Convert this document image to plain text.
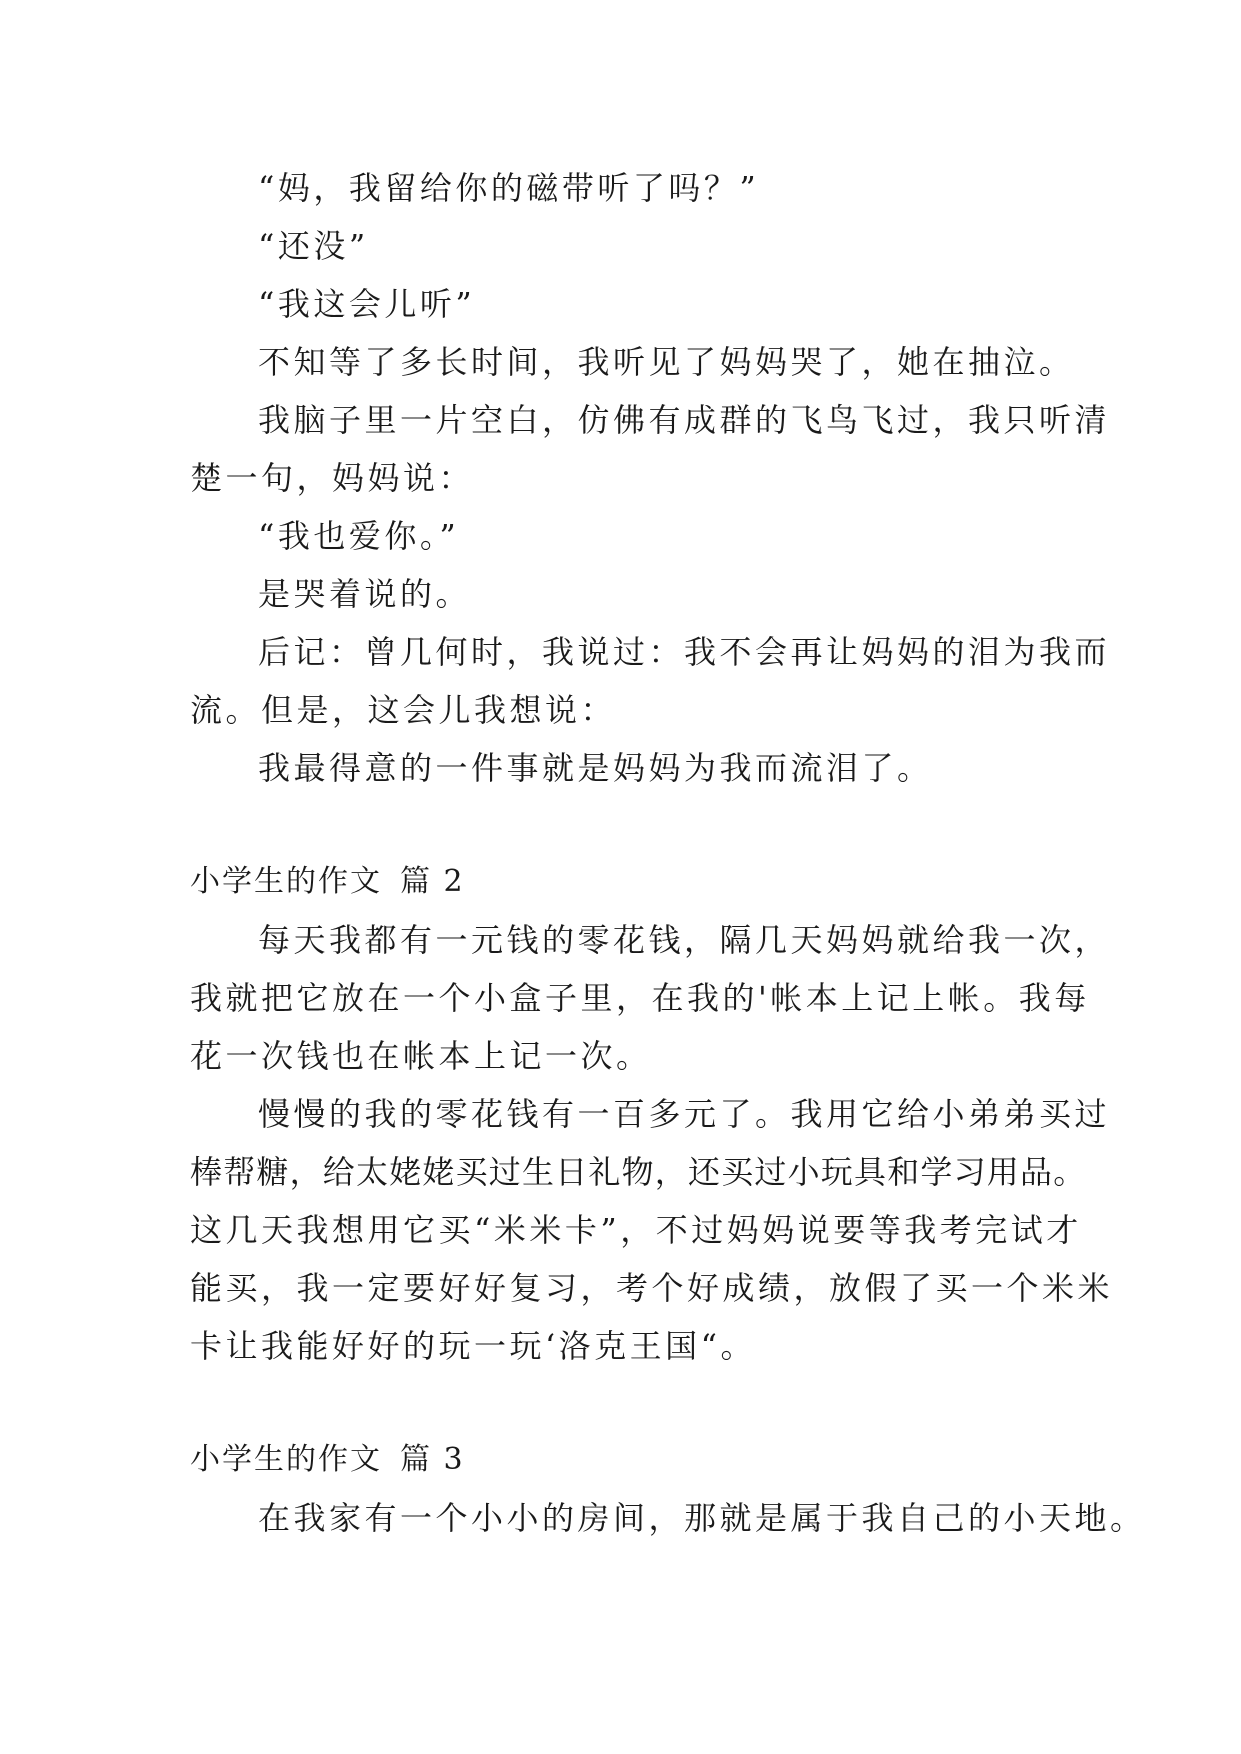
“妈，我留给你的磁带听了吗？”
“还没”
“我这会儿听”
不知等了多长时间，我听见了妈妈哭了，她在抽泣。
我脑子里一片空白，仿佛有成群的飞鸟飞过，我只听清
楚一句，妈妈说：
“我也爱你。”
是哭着说的。
后记：曾几何时，我说过：我不会再让妈妈的泪为我而
流。但是，这会儿我想说：
我最得意的一件事就是妈妈为我而流泪了。
小学生的作文 篇 2
每天我都有一元钱的零花钱，隔几天妈妈就给我一次，
我就把它放在一个小盒子里，在我的'帐本上记上帐。我每
花一次钱也在帐本上记一次。
慢慢的我的零花钱有一百多元了。我用它给小弟弟买过
棒帮糖，给太姥姥买过生日礼物，还买过小玩具和学习用品。
这几天我想用它买“米米卡”，不过妈妈说要等我考完试才
能买，我一定要好好复习，考个好成绩，放假了买一个米米
卡让我能好好的玩一玩‘洛克王国“。
小学生的作文 篇 3
在我家有一个小小的房间，那就是属于我自己的小天地。
